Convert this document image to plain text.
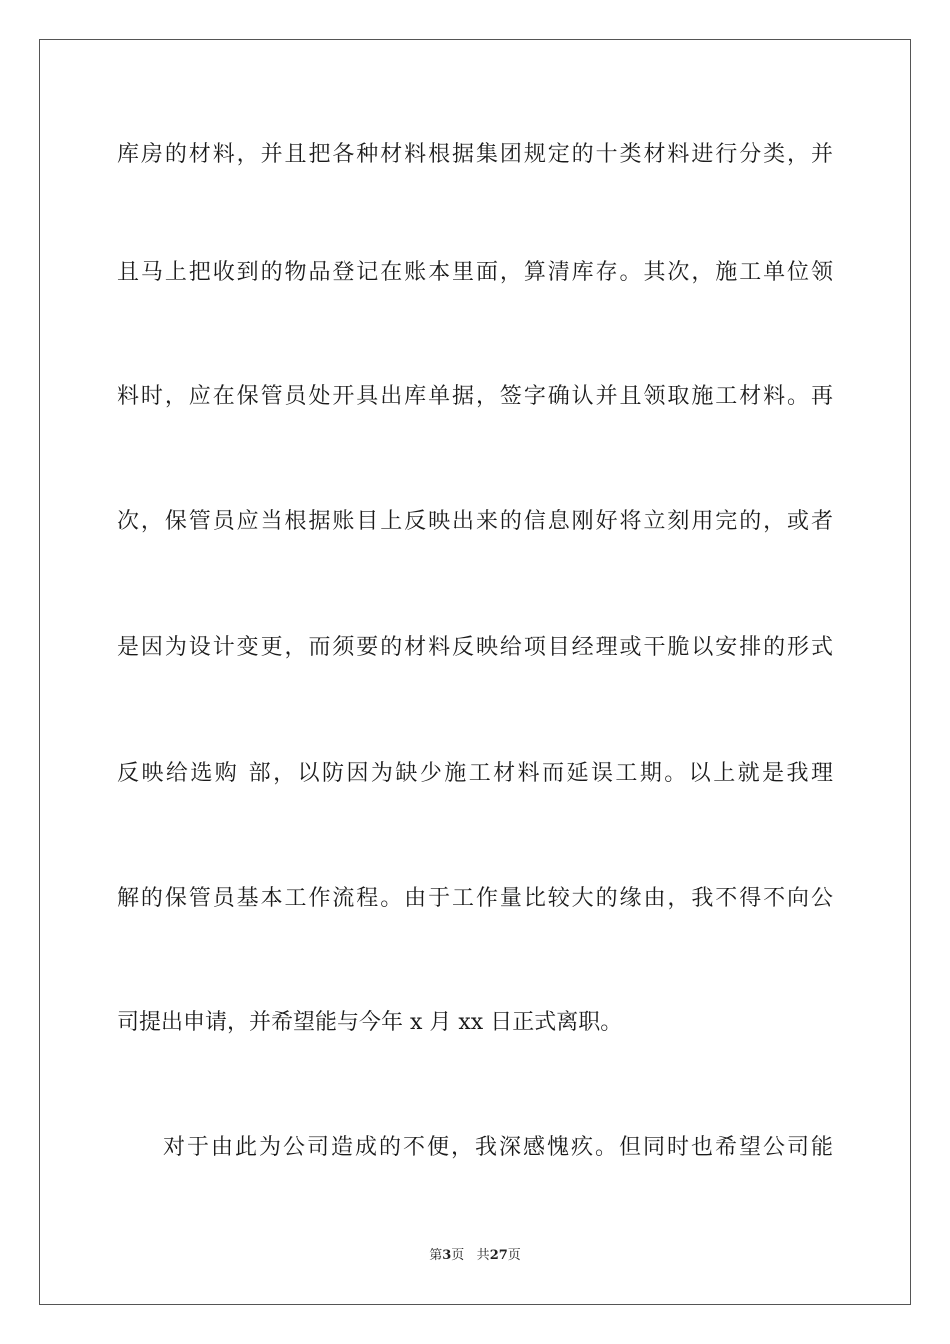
库房的材料，并且把各种材料根据集团规定的十类材料进行分类，并
且马上把收到的物品登记在账本里面，算清库存。其次，施工单位领
料时，应在保管员处开具出库单据，签字确认并且领取施工材料。再
次，保管员应当根据账目上反映出来的信息刚好将立刻用完的，或者
是因为设计变更，而须要的材料反映给项目经理或干脆以安排的形式
反映给选购 部，以防因为缺少施工材料而延误工期。以上就是我理
解的保管员基本工作流程。由于工作量比较大的缘由，我不得不向公
司提出申请，并希望能与今年 x 月 xx 日正式离职。
对于由此为公司造成的不便，我深感愧疚。但同时也希望公司能
第3页 共27页
